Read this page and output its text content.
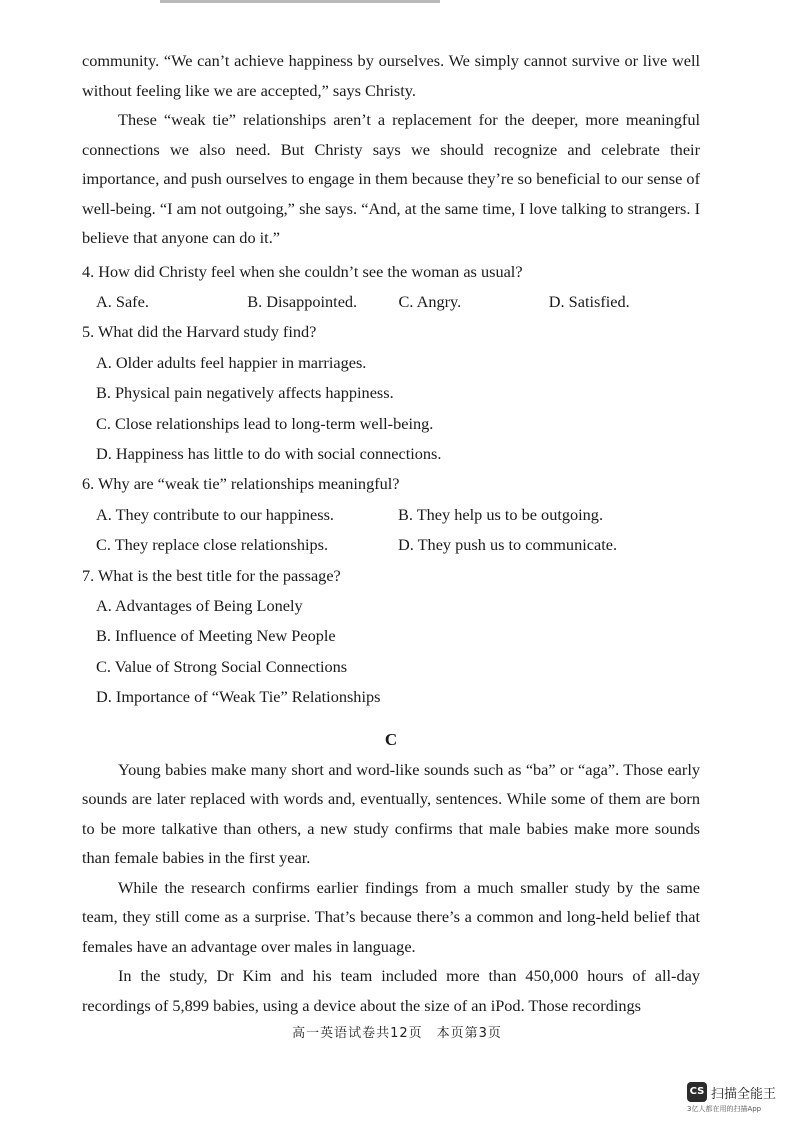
community. “We can’t achieve happiness by ourselves. We simply cannot survive or live well without feeling like we are accepted,” says Christy.

These “weak tie” relationships aren’t a replacement for the deeper, more meaningful connections we also need. But Christy says we should recognize and celebrate their importance, and push ourselves to engage in them because they’re so beneficial to our sense of well-being. “I am not outgoing,” she says. “And, at the same time, I love talking to strangers. I believe that anyone can do it.”

4. How did Christy feel when she couldn’t see the woman as usual?

A. Safe.	B. Disappointed.	C. Angry.	D. Satisfied.

5. What did the Harvard study find?

A. Older adults feel happier in marriages.
B. Physical pain negatively affects happiness.
C. Close relationships lead to long-term well-being.
D. Happiness has little to do with social connections.

6. Why are “weak tie” relationships meaningful?

A. They contribute to our happiness.	B. They help us to be outgoing.
C. They replace close relationships.	D. They push us to communicate.

7. What is the best title for the passage?

A. Advantages of Being Lonely
B. Influence of Meeting New People
C. Value of Strong Social Connections
D. Importance of “Weak Tie” Relationships
C

Young babies make many short and word-like sounds such as “ba” or “aga”. Those early sounds are later replaced with words and, eventually, sentences. While some of them are born to be more talkative than others, a new study confirms that male babies make more sounds than female babies in the first year.

While the research confirms earlier findings from a much smaller study by the same team, they still come as a surprise. That’s because there’s a common and long-held belief that females have an advantage over males in language.

In the study, Dr Kim and his team included more than 450,000 hours of all-day recordings of 5,899 babies, using a device about the size of an iPod. Those recordings

高一英语试卷共12页　本页第3页
CS 扫描全能王
3亿人都在用的扫描App
